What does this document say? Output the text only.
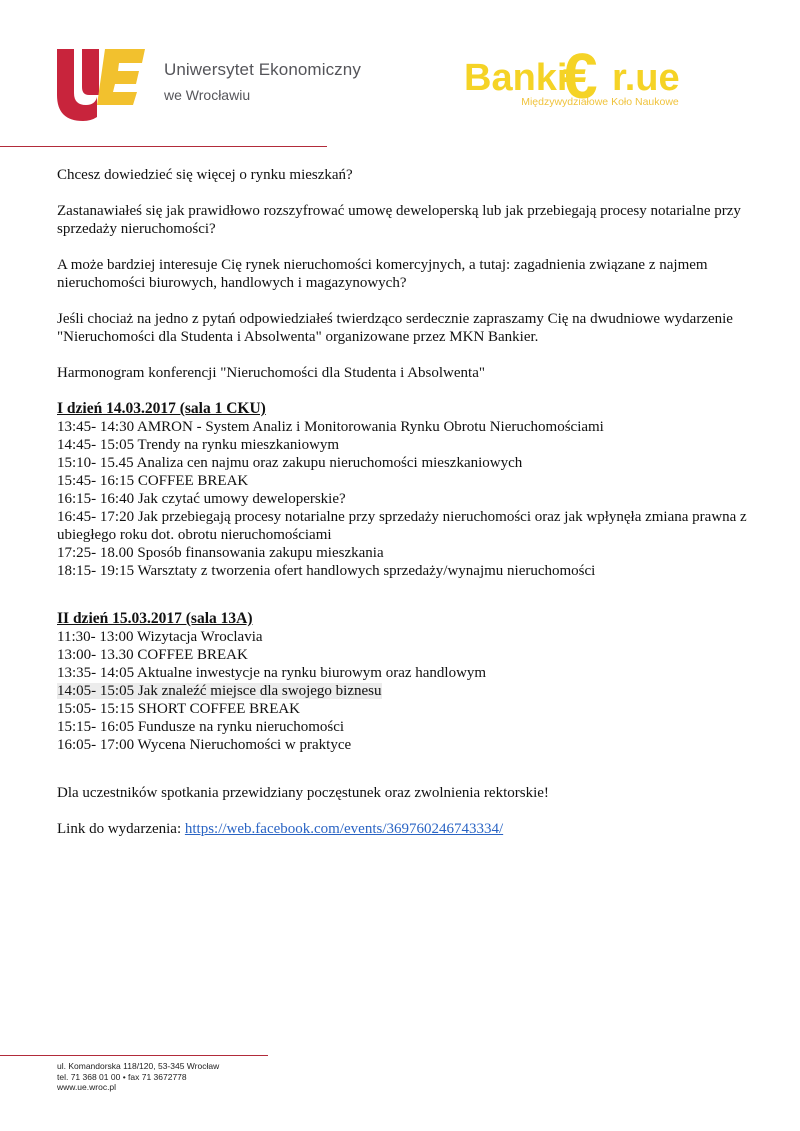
Uniwersytet Ekonomiczny
we Wrocławiu	Banki
€ r.ue
Międzywydziałowe Koło Naukowe

Chcesz dowiedzieć się więcej o rynku mieszkań?

Zastanawiałeś się jak prawidłowo rozszyfrować umowę deweloperską lub jak przebiegają procesy notarialne przy sprzedaży nieruchomości?

A może bardziej interesuje Cię rynek nieruchomości komercyjnych, a tutaj: zagadnienia związane z najmem nieruchomości biurowych, handlowych i magazynowych?

Jeśli chociaż na jedno z pytań odpowiedziałeś twierdząco serdecznie zapraszamy Cię na dwudniowe wydarzenie "Nieruchomości dla Studenta i Absolwenta" organizowane przez MKN Bankier.

Harmonogram konferencji "Nieruchomości dla Studenta i Absolwenta"

I dzień 14.03.2017 (sala 1 CKU)
13:45- 14:30 AMRON - System Analiz i Monitorowania Rynku Obrotu Nieruchomościami
14:45- 15:05 Trendy na rynku mieszkaniowym
15:10- 15.45 Analiza cen najmu oraz zakupu nieruchomości mieszkaniowych
15:45- 16:15 COFFEE BREAK
16:15- 16:40 Jak czytać umowy deweloperskie?
16:45- 17:20 Jak przebiegają procesy notarialne przy sprzedaży nieruchomości oraz jak wpłynęła zmiana prawna z ubiegłego roku dot. obrotu nieruchomościami
17:25- 18.00 Sposób finansowania zakupu mieszkania
18:15- 19:15 Warsztaty z tworzenia ofert handlowych sprzedaży/wynajmu nieruchomości
II dzień 15.03.2017 (sala 13A)
11:30- 13:00 Wizytacja Wroclavia
13:00- 13.30 COFFEE BREAK
13:35- 14:05 Aktualne inwestycje na rynku biurowym oraz handlowym
14:05- 15:05 Jak znaleźć miejsce dla swojego biznesu
15:05- 15:15 SHORT COFFEE BREAK
15:15- 16:05 Fundusze na rynku nieruchomości
16:05- 17:00 Wycena Nieruchomości w praktyce

Dla uczestników spotkania przewidziany poczęstunek oraz zwolnienia rektorskie!

Link do wydarzenia: https://web.facebook.com/events/369760246743334/

ul. Komandorska 118/120, 53-345 Wrocław
tel. 71 368 01 00 • fax 71 3672778
www.ue.wroc.pl
